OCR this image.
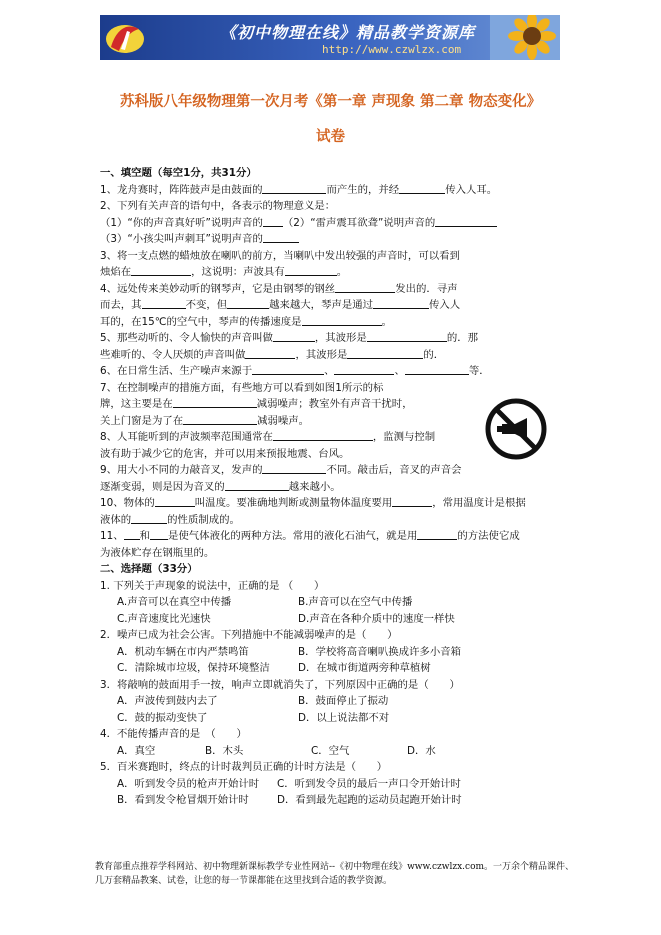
《初中物理在线》精品教学资源库
http://www.czwlzx.com
苏科版八年级物理第一次月考《第一章 声现象 第二章 物态变化》
试卷
一、填空题（每空1分，共31分）
1、龙舟赛时，阵阵鼓声是由鼓面的	而产生的，并经	传入人耳。
2、下列有关声音的语句中，各表示的物理意义是：
（1）“你的声音真好听”说明声音的 （2）“雷声震耳欲聋”说明声音的
（3）“小孩尖叫声刺耳”说明声音的
3、将一支点燃的蜡烛放在喇叭的前方，当喇叭中发出较强的声音时，可以看到
烛焰在	，这说明：声波具有	。
4、远处传来美妙动听的钢琴声，它是由钢琴的钢丝	发出的．寻声
而去，其	不变，但	越来越大，琴声是通过	传入人
耳的，在15℃的空气中，琴声的传播速度是	。
5、那些动听的、令人愉快的声音叫做	，其波形是	的．那
些难听的、令人厌烦的声音叫做	，其波形是	的．
6、在日常生活、生产噪声来源于	、	、	等．
7、在控制噪声的措施方面，有些地方可以看到如图1所示的标
牌，这主要是在	减弱噪声；教室外有声音干扰时，
关上门窗是为了在	减弱噪声。
8、人耳能听到的声波频率范围通常在	，监测与控制
波有助于减少它的危害，并可以用来预报地震、台风。
9、用大小不同的力敲音叉，发声的	不同。敲击后，音叉的声音会
逐渐变弱，则是因为音叉的	越来越小。
10、物体的	叫温度。要准确地判断或测量物体温度要用	，常用温度计是根据
液体的	的性质制成的。
11、 和 是使气体液化的两种方法。常用的液化石油气，就是用	的方法使它成
为液体贮存在钢瓶里的。
二、选择题（33分）
1. 下列关于声现象的说法中，正确的是 （　　）
A.声音可以在真空中传播	B.声音可以在空气中传播
C.声音速度比光速快	D.声音在各种介质中的速度一样快
2．噪声已成为社会公害。下列措施中不能减弱噪声的是（　　）
A．机动车辆在市内严禁鸣笛	B．学校将高音喇叭换成许多小音箱
C．清除城市垃圾，保持环境整洁	D．在城市街道两旁种草植树
3．将敲响的鼓面用手一按，响声立即就消失了，下列原因中正确的是（　　）
A．声波传到鼓内去了	B．鼓面停止了振动
C．鼓的振动变快了	D．以上说法都不对
4．不能传播声音的是　（　　）
A．真空	B．木头	C．空气	D．水
5．百米赛跑时，终点的计时裁判员正确的计时方法是（　　）
A．听到发令员的枪声开始计时 C．听到发令员的最后一声口令开始计时
B．看到发令枪冒烟开始计时	D．看到最先起跑的运动员起跑开始计时
教育部重点推荐学科网站、初中物理新课标教学专业性网站--《初中物理在线》www.czwlzx.com。一万余个精品课件、几万套精品教案、试卷，让您的每一节课都能在这里找到合适的教学资源。
